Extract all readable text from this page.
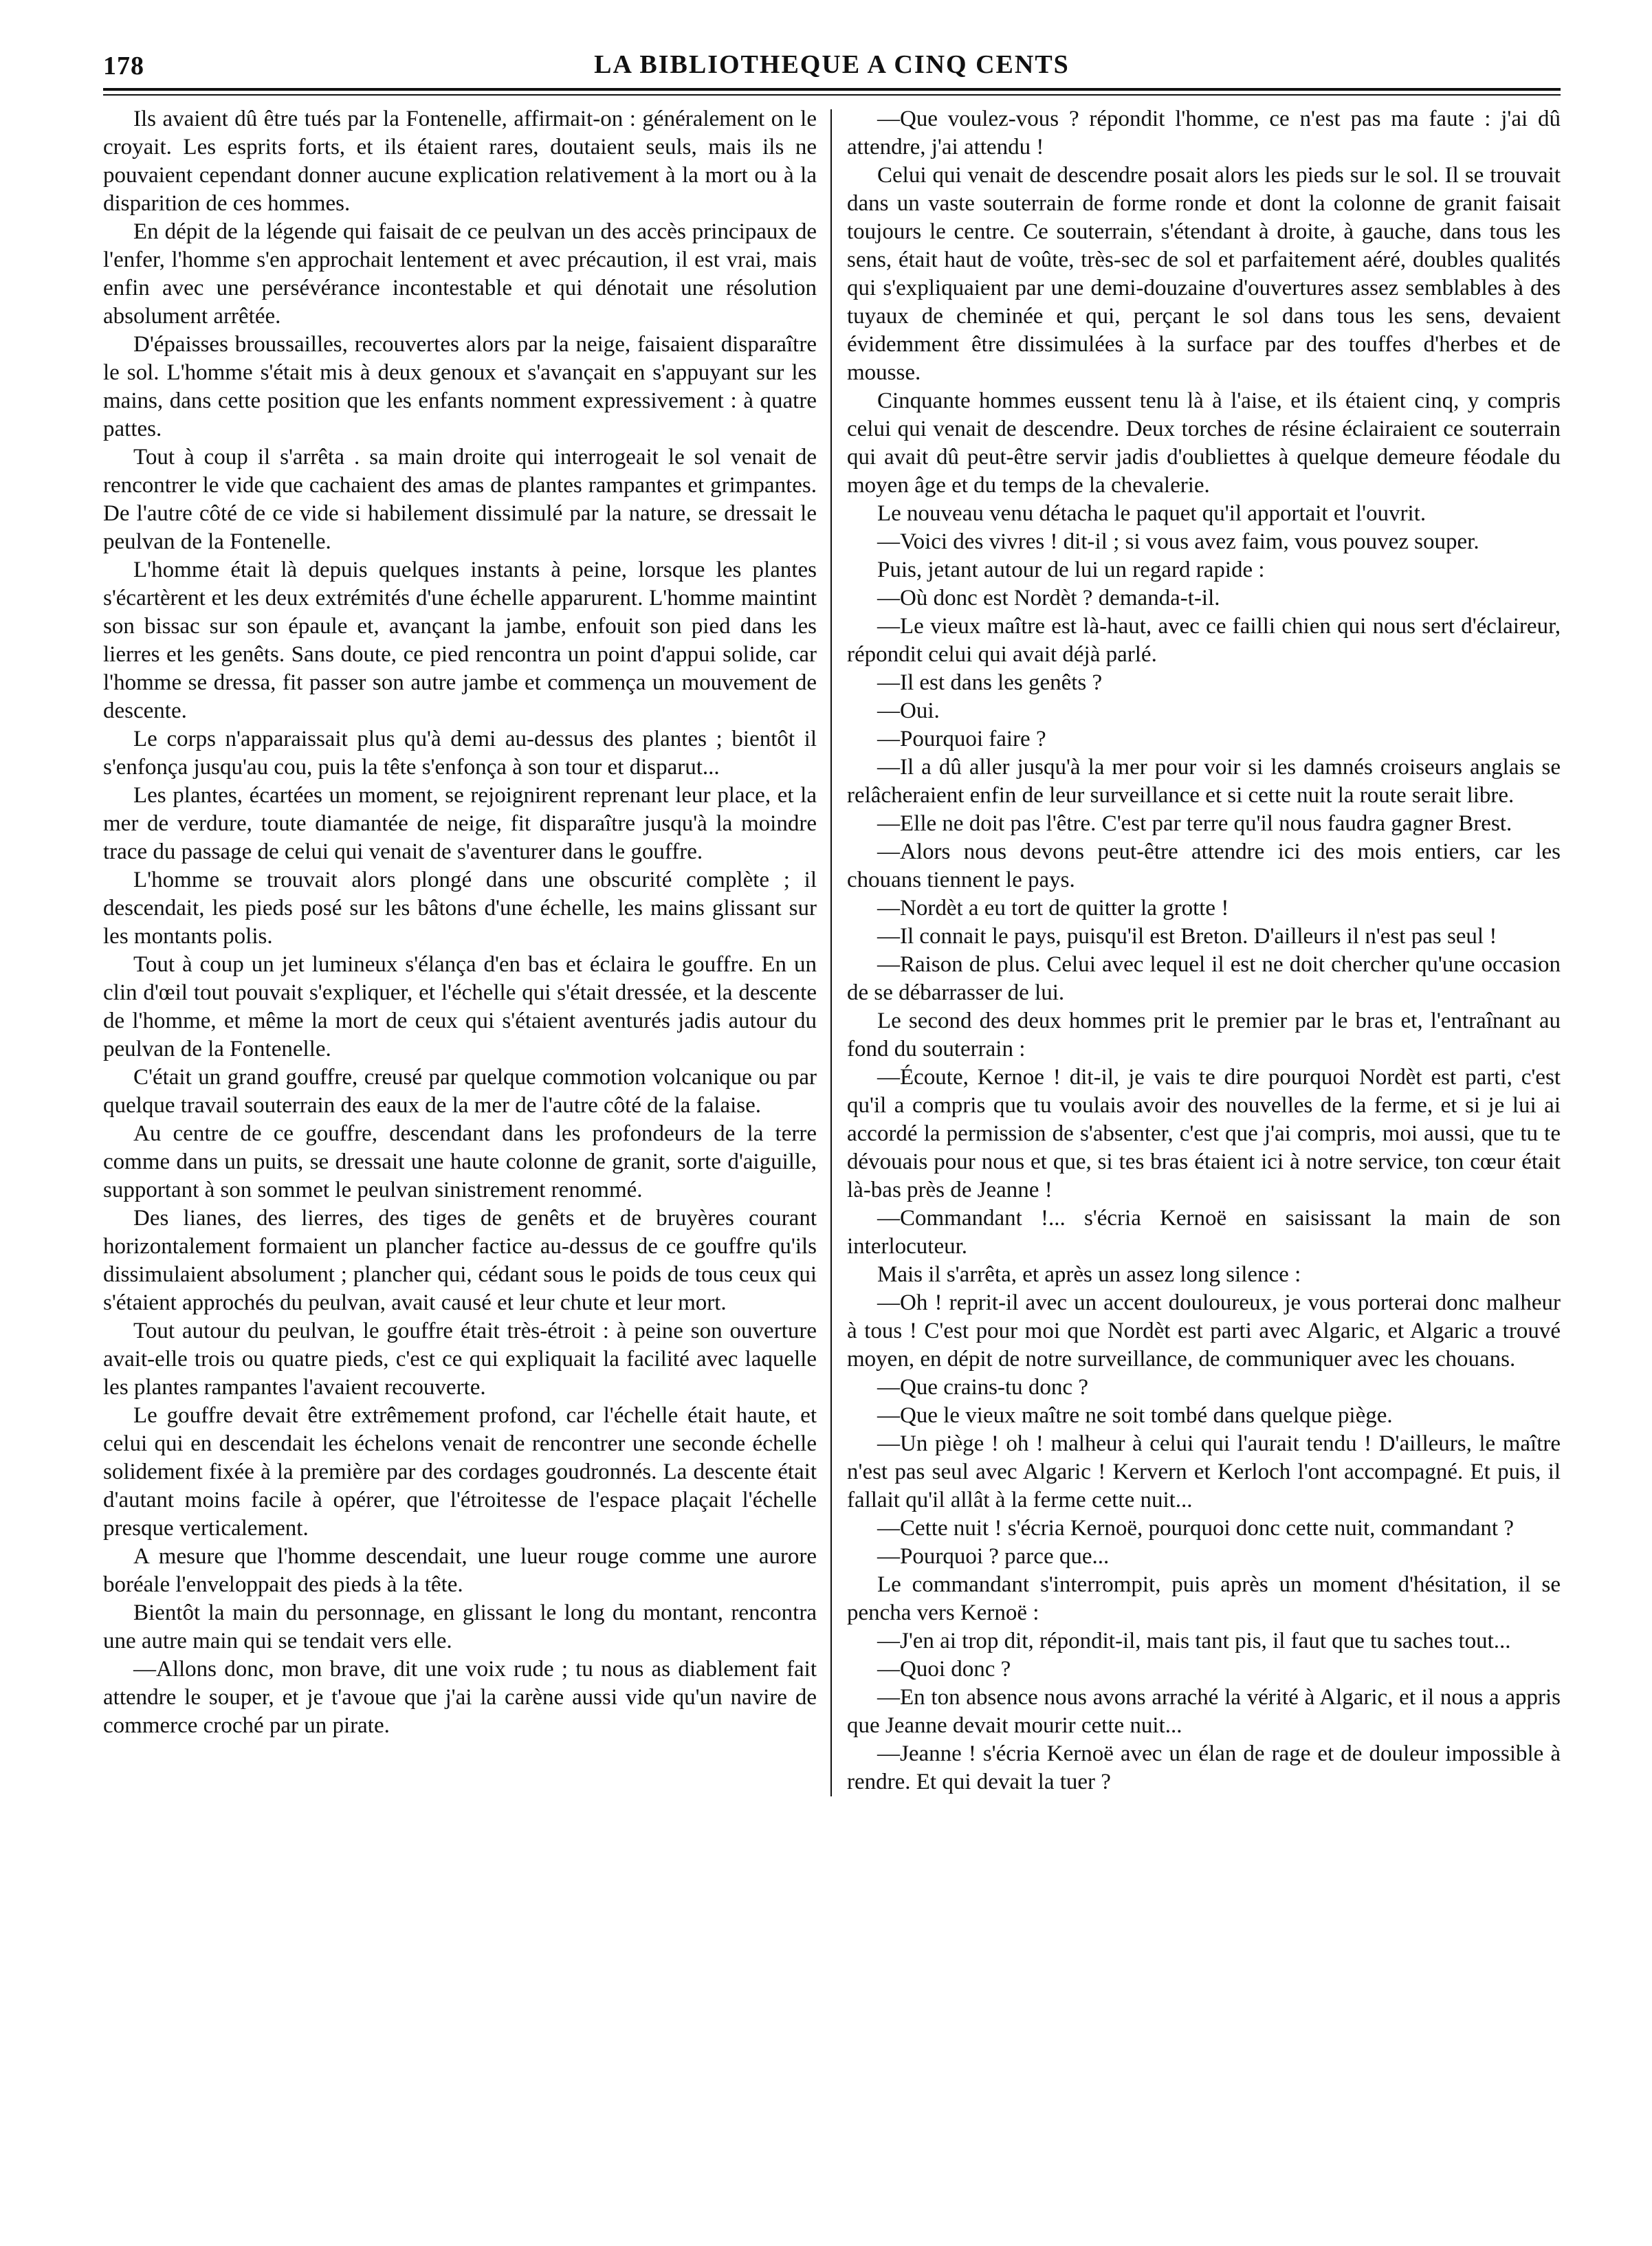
178	LA BIBLIOTHEQUE A CINQ CENTS

Ils avaient dû être tués par la Fontenelle, affirmait-on : généralement on le croyait. Les esprits forts, et ils étaient rares, doutaient seuls, mais ils ne pouvaient cependant donner aucune explication relativement à la mort ou à la disparition de ces hommes.

En dépit de la légende qui faisait de ce peulvan un des accès principaux de l'enfer, l'homme s'en approchait lentement et avec précaution, il est vrai, mais enfin avec une persévérance incontestable et qui dénotait une résolution absolument arrêtée.

D'épaisses broussailles, recouvertes alors par la neige, faisaient disparaître le sol. L'homme s'était mis à deux genoux et s'avançait en s'appuyant sur les mains, dans cette position que les enfants nomment expressivement : à quatre pattes.

Tout à coup il s'arrêta . sa main droite qui interrogeait le sol venait de rencontrer le vide que cachaient des amas de plantes rampantes et grimpantes. De l'autre côté de ce vide si habilement dissimulé par la nature, se dressait le peulvan de la Fontenelle.

L'homme était là depuis quelques instants à peine, lorsque les plantes s'écartèrent et les deux extrémités d'une échelle apparurent. L'homme maintint son bissac sur son épaule et, avançant la jambe, enfouit son pied dans les lierres et les genêts. Sans doute, ce pied rencontra un point d'appui solide, car l'homme se dressa, fit passer son autre jambe et commença un mouvement de descente.

Le corps n'apparaissait plus qu'à demi au-dessus des plantes ; bientôt il s'enfonça jusqu'au cou, puis la tête s'enfonça à son tour et disparut...

Les plantes, écartées un moment, se rejoignirent reprenant leur place, et la mer de verdure, toute diamantée de neige, fit disparaître jusqu'à la moindre trace du passage de celui qui venait de s'aventurer dans le gouffre.

L'homme se trouvait alors plongé dans une obscurité complète ; il descendait, les pieds posé sur les bâtons d'une échelle, les mains glissant sur les montants polis.

Tout à coup un jet lumineux s'élança d'en bas et éclaira le gouffre. En un clin d'œil tout pouvait s'expliquer, et l'échelle qui s'était dressée, et la descente de l'homme, et même la mort de ceux qui s'étaient aventurés jadis autour du peulvan de la Fontenelle.

C'était un grand gouffre, creusé par quelque commotion volcanique ou par quelque travail souterrain des eaux de la mer de l'autre côté de la falaise.

Au centre de ce gouffre, descendant dans les profondeurs de la terre comme dans un puits, se dressait une haute colonne de granit, sorte d'aiguille, supportant à son sommet le peulvan sinistrement renommé.

Des lianes, des lierres, des tiges de genêts et de bruyères courant horizontalement formaient un plancher factice au-dessus de ce gouffre qu'ils dissimulaient absolument ; plancher qui, cédant sous le poids de tous ceux qui s'étaient approchés du peulvan, avait causé et leur chute et leur mort.

Tout autour du peulvan, le gouffre était très-étroit : à peine son ouverture avait-elle trois ou quatre pieds, c'est ce qui expliquait la facilité avec laquelle les plantes rampantes l'avaient recouverte.

Le gouffre devait être extrêmement profond, car l'échelle était haute, et celui qui en descendait les échelons venait de rencontrer une seconde échelle solidement fixée à la première par des cordages goudronnés. La descente était d'autant moins facile à opérer, que l'étroitesse de l'espace plaçait l'échelle presque verticalement.

A mesure que l'homme descendait, une lueur rouge comme une aurore boréale l'enveloppait des pieds à la tête.

Bientôt la main du personnage, en glissant le long du montant, rencontra une autre main qui se tendait vers elle.

—Allons donc, mon brave, dit une voix rude ; tu nous as diablement fait attendre le souper, et je t'avoue que j'ai la carène aussi vide qu'un navire de commerce croché par un pirate.

—Que voulez-vous ? répondit l'homme, ce n'est pas ma faute : j'ai dû attendre, j'ai attendu !

Celui qui venait de descendre posait alors les pieds sur le sol. Il se trouvait dans un vaste souterrain de forme ronde et dont la colonne de granit faisait toujours le centre. Ce souterrain, s'étendant à droite, à gauche, dans tous les sens, était haut de voûte, très-sec de sol et parfaitement aéré, doubles qualités qui s'expliquaient par une demi-douzaine d'ouvertures assez semblables à des tuyaux de cheminée et qui, perçant le sol dans tous les sens, devaient évidemment être dissimulées à la surface par des touffes d'herbes et de mousse.

Cinquante hommes eussent tenu là à l'aise, et ils étaient cinq, y compris celui qui venait de descendre. Deux torches de résine éclairaient ce souterrain qui avait dû peut-être servir jadis d'oubliettes à quelque demeure féodale du moyen âge et du temps de la chevalerie.

Le nouveau venu détacha le paquet qu'il apportait et l'ouvrit.

—Voici des vivres ! dit-il ; si vous avez faim, vous pouvez souper.

Puis, jetant autour de lui un regard rapide :

—Où donc est Nordèt ? demanda-t-il.

—Le vieux maître est là-haut, avec ce failli chien qui nous sert d'éclaireur, répondit celui qui avait déjà parlé.

—Il est dans les genêts ?

—Oui.

—Pourquoi faire ?

—Il a dû aller jusqu'à la mer pour voir si les damnés croiseurs anglais se relâcheraient enfin de leur surveillance et si cette nuit la route serait libre.

—Elle ne doit pas l'être. C'est par terre qu'il nous faudra gagner Brest.

—Alors nous devons peut-être attendre ici des mois entiers, car les chouans tiennent le pays.

—Nordèt a eu tort de quitter la grotte !

—Il connait le pays, puisqu'il est Breton. D'ailleurs il n'est pas seul !

—Raison de plus. Celui avec lequel il est ne doit chercher qu'une occasion de se débarrasser de lui.

Le second des deux hommes prit le premier par le bras et, l'entraînant au fond du souterrain :

—Écoute, Kernoe ! dit-il, je vais te dire pourquoi Nordèt est parti, c'est qu'il a compris que tu voulais avoir des nouvelles de la ferme, et si je lui ai accordé la permission de s'absenter, c'est que j'ai compris, moi aussi, que tu te dévouais pour nous et que, si tes bras étaient ici à notre service, ton cœur était là-bas près de Jeanne !

—Commandant !... s'écria Kernoë en saisissant la main de son interlocuteur.

Mais il s'arrêta, et après un assez long silence :

—Oh ! reprit-il avec un accent douloureux, je vous porterai donc malheur à tous ! C'est pour moi que Nordèt est parti avec Algaric, et Algaric a trouvé moyen, en dépit de notre surveillance, de communiquer avec les chouans.

—Que crains-tu donc ?

—Que le vieux maître ne soit tombé dans quelque piège.

—Un piège ! oh ! malheur à celui qui l'aurait tendu ! D'ailleurs, le maître n'est pas seul avec Algaric ! Kervern et Kerloch l'ont accompagné. Et puis, il fallait qu'il allât à la ferme cette nuit...

—Cette nuit ! s'écria Kernoë, pourquoi donc cette nuit, commandant ?

—Pourquoi ? parce que...

Le commandant s'interrompit, puis après un moment d'hésitation, il se pencha vers Kernoë :

—J'en ai trop dit, répondit-il, mais tant pis, il faut que tu saches tout...

—Quoi donc ?

—En ton absence nous avons arraché la vérité à Algaric, et il nous a appris que Jeanne devait mourir cette nuit...

—Jeanne ! s'écria Kernoë avec un élan de rage et de douleur impossible à rendre. Et qui devait la tuer ?
